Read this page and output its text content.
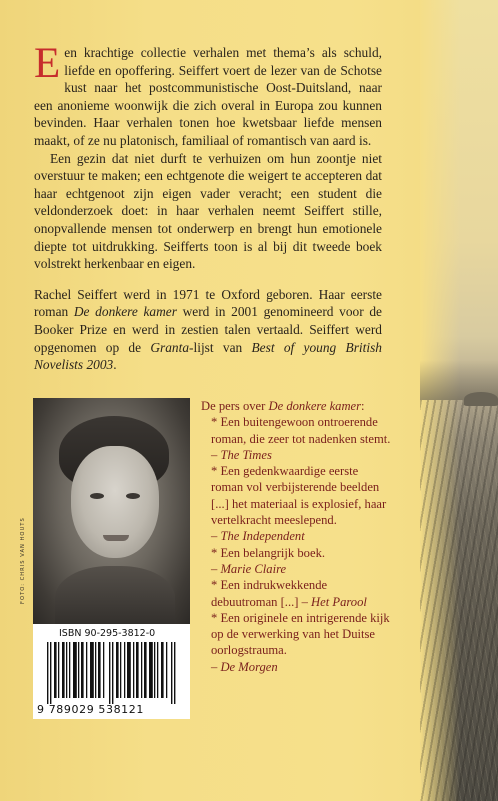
Een krachtige collectie verhalen met thema’s als schuld, liefde en opoffering. Seiffert voert de lezer van de Schotse kust naar het postcommunistische Oost-Duitsland, naar een anonieme woonwijk die zich overal in Europa zou kunnen bevinden. Haar verhalen tonen hoe kwetsbaar liefde mensen maakt, of ze nu platonisch, familiaal of romantisch van aard is.

Een gezin dat niet durft te verhuizen om hun zoontje niet overstuur te maken; een echtgenote die weigert te accepteren dat haar echtgenoot zijn eigen vader veracht; een student die veldonderzoek doet: in haar verhalen neemt Seiffert stille, onopvallende mensen tot onderwerp en brengt hun emotionele diepte tot uitdrukking. Seifferts toon is al bij dit tweede boek volstrekt herkenbaar en eigen.

Rachel Seiffert werd in 1971 te Oxford geboren. Haar eerste roman De donkere kamer werd in 2001 genomineerd voor de Booker Prize en werd in zestien talen vertaald. Seiffert werd opgenomen op de Granta-lijst van Best of young British Novelists 2003.

FOTO: CHRIS VAN HOUTS
ISBN 90-295-3812-0
9 789029 538121
De pers over De donkere kamer:
* Een buitengewoon ontroerende roman, die zeer tot nadenken stemt. – The Times
* Een gedenkwaardige eerste roman vol verbijsterende beelden [...] het materiaal is explosief, haar vertelkracht meeslepend.
– The Independent
* Een belangrijk boek.
– Marie Claire
* Een indrukwekkende debuutroman [...] – Het Parool
* Een originele en intrigerende kijk op de verwerking van het Duitse oorlogstrauma.
– De Morgen
